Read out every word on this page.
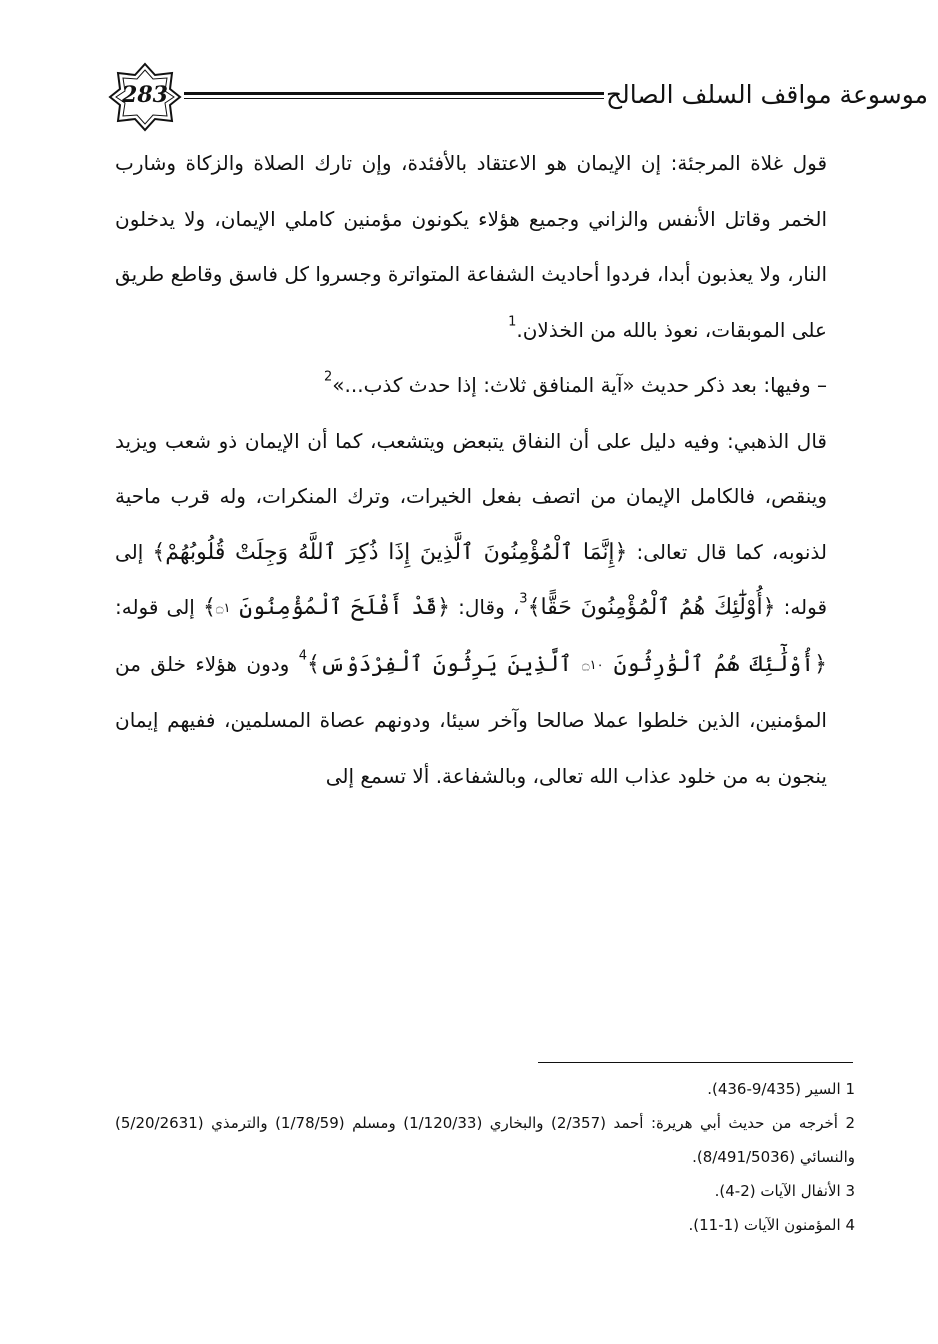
283	موسوعة مواقف السلف الصالح

قول غلاة المرجئة: إن الإيمان هو الاعتقاد بالأفئدة، وإن تارك الصلاة والزكاة وشارب الخمر وقاتل الأنفس والزاني وجميع هؤلاء يكونون مؤمنين كاملي الإيمان، ولا يدخلون النار، ولا يعذبون أبدا، فردوا أحاديث الشفاعة المتواترة وجسروا كل فاسق وقاطع طريق على الموبقات، نعوذ بالله من الخذلان.$^1$

– وفيها: بعد ذكر حديث «آية المنافق ثلاث: إذا حدث كذب...»$^2$

قال الذهبي: وفيه دليل على أن النفاق يتبعض ويتشعب، كما أن الإيمان ذو شعب ويزيد وينقص، فالكامل الإيمان من اتصف بفعل الخيرات، وترك المنكرات، وله قرب ماحية لذنوبه، كما قال تعالى: ﴿إِنَّمَا ٱلْمُؤْمِنُونَ ٱلَّذِينَ إِذَا ذُكِرَ ٱللَّهُ وَجِلَتْ قُلُوبُهُمْ﴾ إلى قوله: ﴿أُوْلَٰٓئِكَ هُمُ ٱلْمُؤْمِنُونَ حَقًّا﴾$^3$، وقال: ﴿قَدْ أَفْلَحَ ٱلْمُؤْمِنُونَ ۝١﴾ إلى قوله: ﴿أُوْلَٰٓئِكَ هُمُ ٱلْوَٰرِثُونَ ۝١٠ ٱلَّذِينَ يَرِثُونَ ٱلْفِرْدَوْسَ﴾$^4$ ودون هؤلاء خلق من المؤمنين، الذين خلطوا عملا صالحا وآخر سيئا، ودونهم عصاة المسلمين، ففيهم إيمان ينجون به من خلود عذاب الله تعالى، وبالشفاعة. ألا تسمع إلى

1 السير (9/435-436).

2 أخرجه من حديث أبي هريرة: أحمد (2/357) والبخاري (1/120/33) ومسلم (1/78/59) والترمذي (5/20/2631) والنسائي (8/491/5036).

3 الأنفال الآيات (2-4).

4 المؤمنون الآيات (1-11).
